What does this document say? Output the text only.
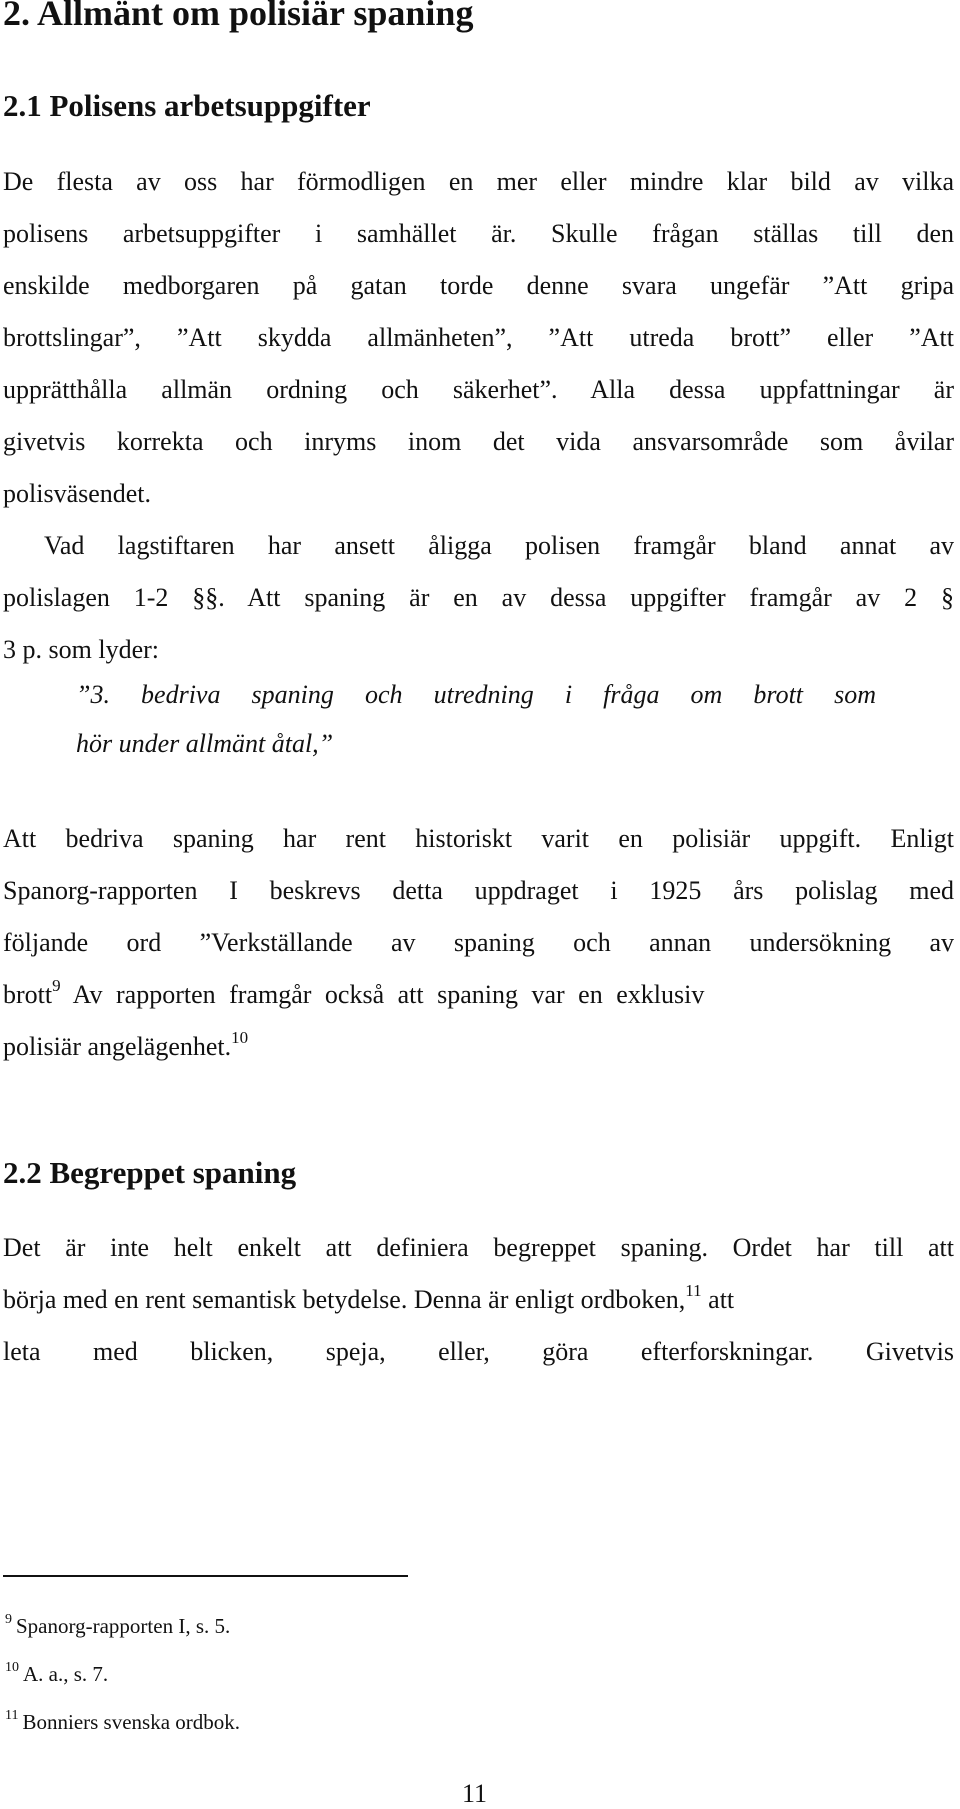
2. Allmänt om polisiär spaning
2.1 Polisens arbetsuppgifter
De flesta av oss har förmodligen en mer eller mindre klar bild av vilka
polisens arbetsuppgifter i samhället är. Skulle frågan ställas till den
enskilde medborgaren på gatan torde denne svara ungefär ”Att gripa
brottslingar”, ”Att skydda allmänheten”, ”Att utreda brott” eller ”Att
upprätthålla allmän ordning och säkerhet”. Alla dessa uppfattningar är
givetvis korrekta och inryms inom det vida ansvarsområde som åvilar
polisväsendet.
Vad lagstiftaren har ansett åligga polisen framgår bland annat av
polislagen 1-2 §§. Att spaning är en av dessa uppgifter framgår av 2 §
3 p. som lyder:
”3. bedriva spaning och utredning i fråga om brott som
hör under allmänt åtal,”
Att bedriva spaning har rent historiskt varit en polisiär uppgift. Enligt
Spanorg-rapporten I beskrevs detta uppdraget i 1925 års polislag med
följande ord ”Verkställande av spaning och annan undersökning av
brott$^9$ Av rapporten framgår också att spaning var en exklusiv
polisiär angelägenhet.$^{10}$
2.2 Begreppet spaning
Det är inte helt enkelt att definiera begreppet spaning. Ordet har till att
börja med en rent semantisk betydelse. Denna är enligt ordboken,$^{11}$ att
leta med blicken, speja, eller, göra efterforskningar. Givetvis
$^9$ Spanorg-rapporten I, s. 5.
$^{10}$ A. a., s. 7.
$^{11}$ Bonniers svenska ordbok.
11
